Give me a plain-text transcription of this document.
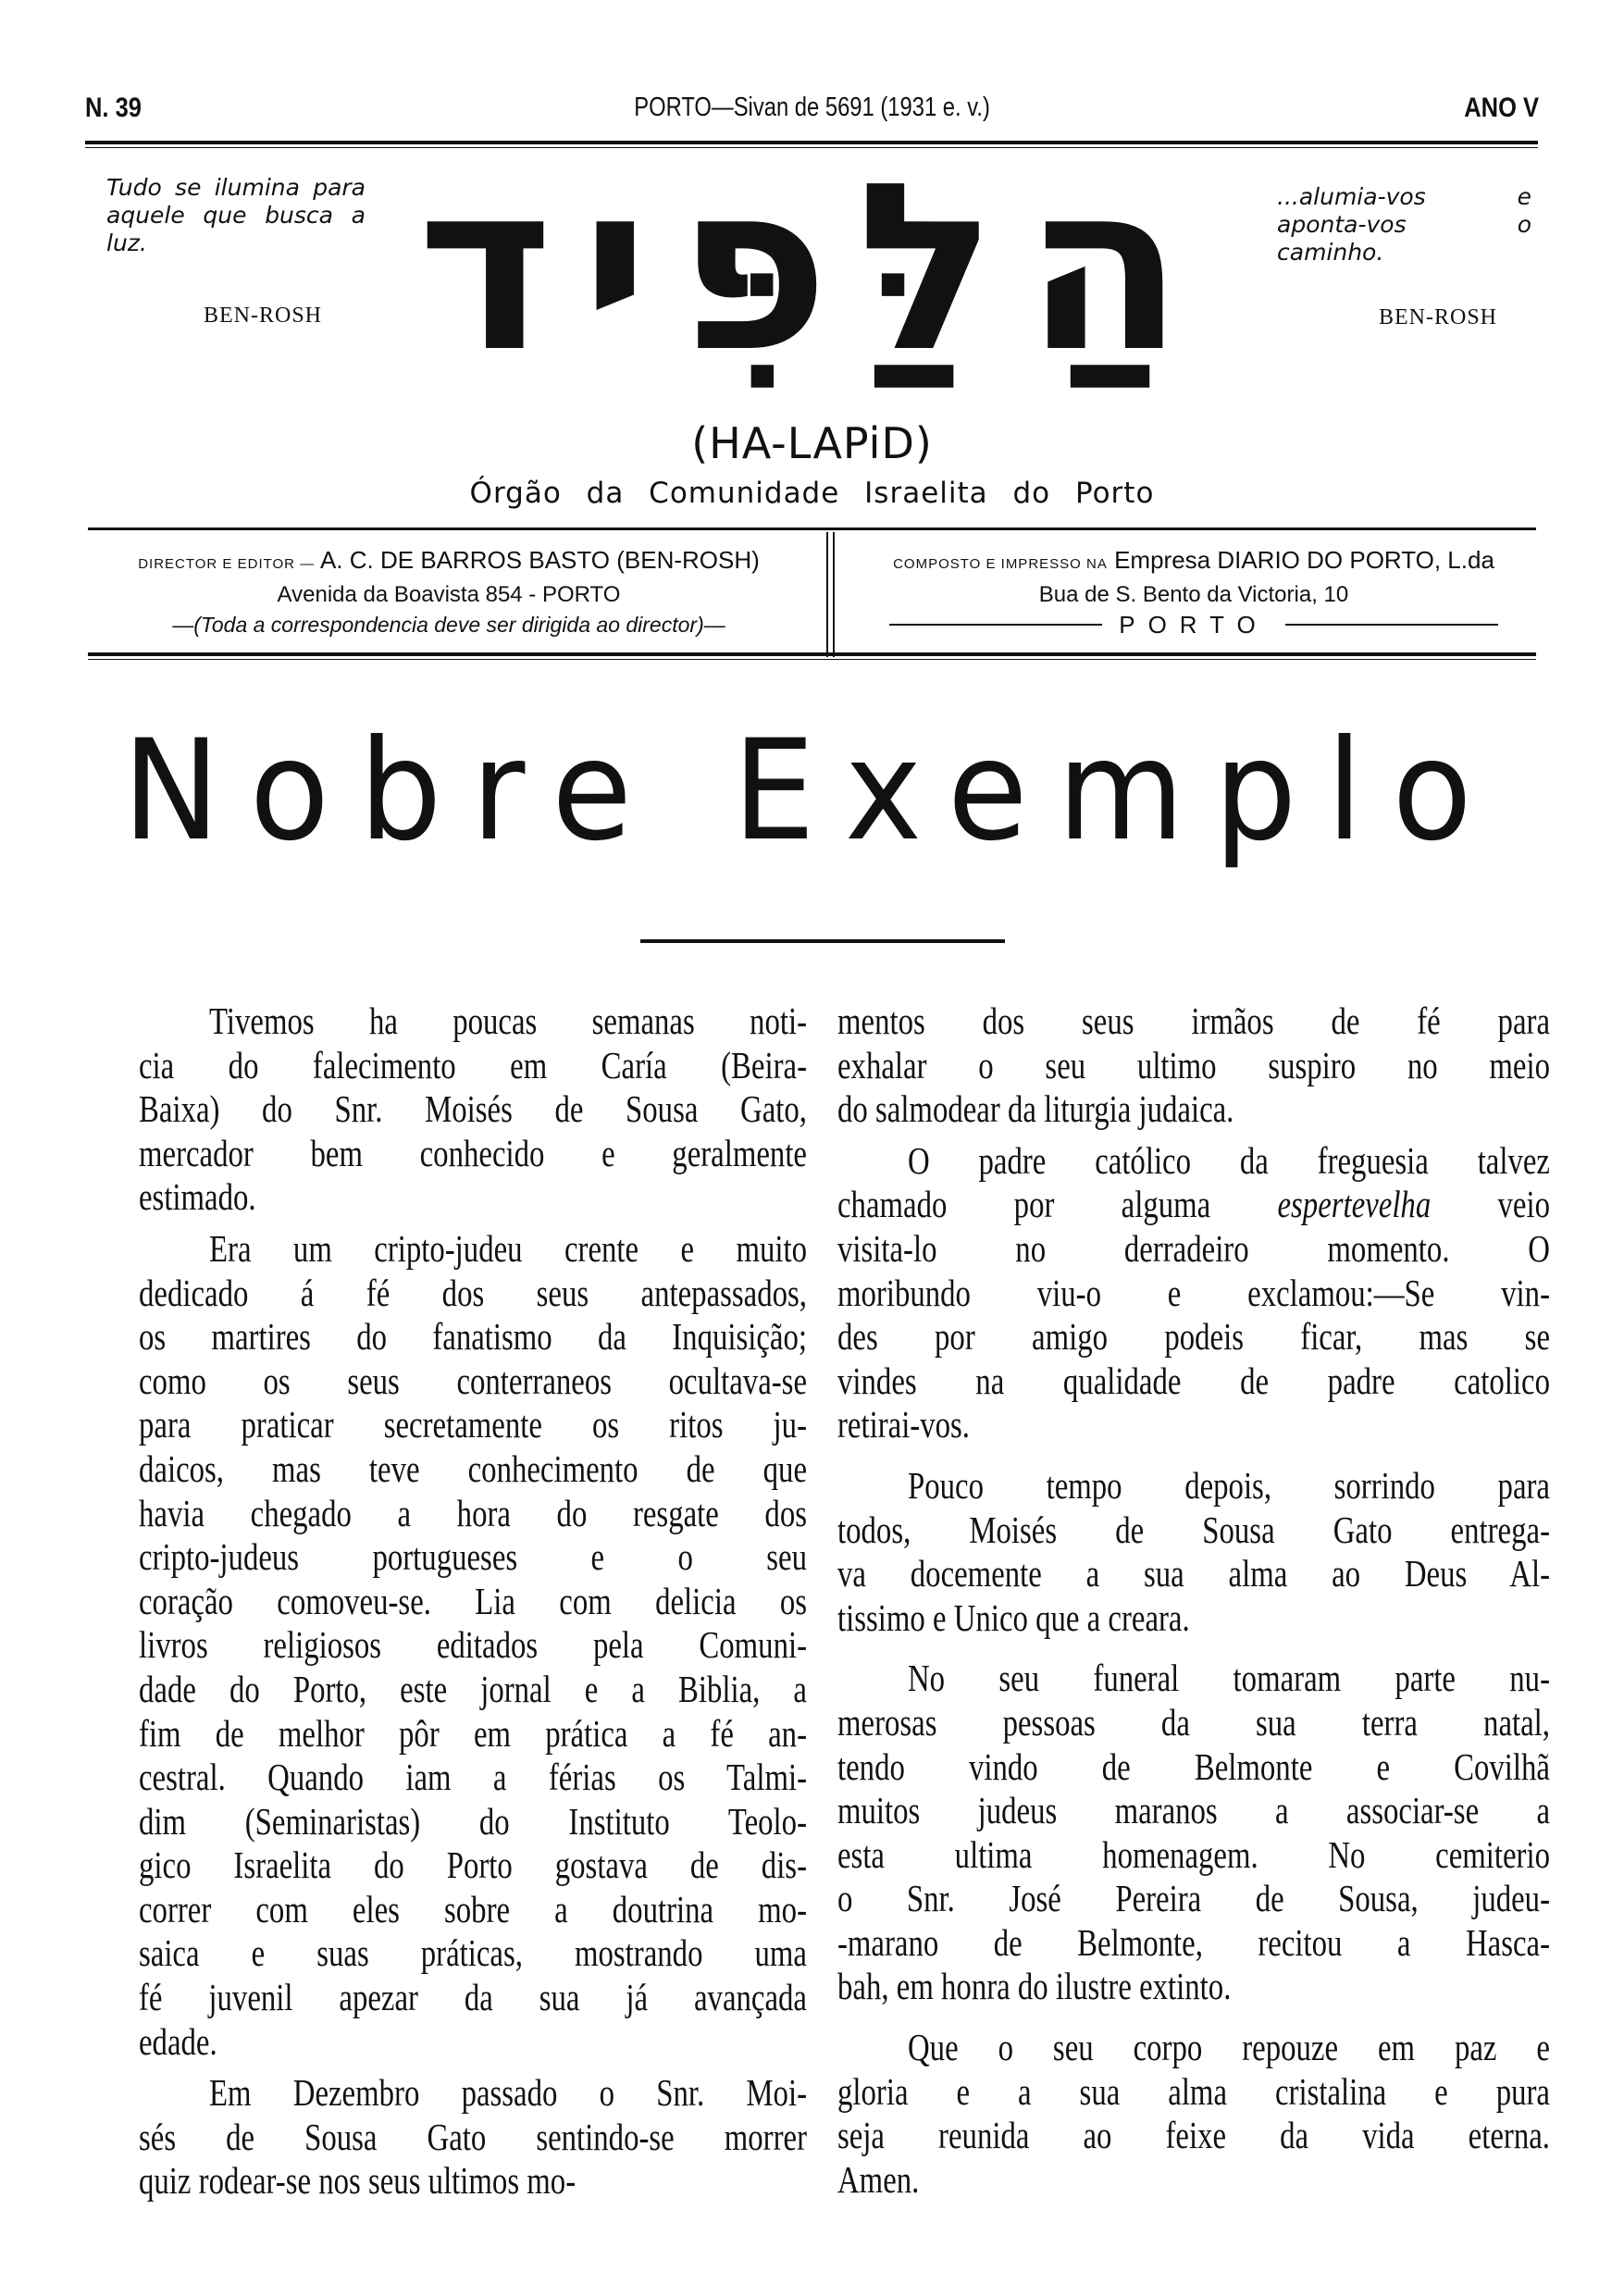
N. 39	PORTO—Sivan de 5691 (1931 e. v.)	ANO V
Tudo se ilumina para aquele que busca a luz.
BEN-ROSH
...alumia-vos e aponta-vos o caminho.
BEN-ROSH
הַלַּפִּיד
(HA-LAPiD)
Órgão da Comunidade Israelita do Porto
DIRECTOR E EDITOR — A. C. DE BARROS BASTO (BEN-ROSH)
Avenida da Boavista 854 - PORTO
—(Toda a correspondencia deve ser dirigida ao director)—
COMPOSTO E IMPRESSO NA Empresa DIARIO DO PORTO, L.da
Bua de S. Bento da Victoria, 10
PORTO
Nobre Exemplo
Tivemos ha poucas semanas noti-
cia do falecimento em Caría (Beira-
Baixa) do Snr. Moisés de Sousa Gato,
mercador bem conhecido e geralmente
estimado.
Era um cripto-judeu crente e muito
dedicado á fé dos seus antepassados,
os martires do fanatismo da Inquisição;
como os seus conterraneos ocultava-se
para praticar secretamente os ritos ju-
daicos, mas teve conhecimento de que
havia chegado a hora do resgate dos
cripto-judeus portugueses e o seu
coração comoveu-se. Lia com delicia os
livros religiosos editados pela Comuni-
dade do Porto, este jornal e a Biblia, a
fim de melhor pôr em prática a fé an-
cestral. Quando iam a férias os Talmi-
dim (Seminaristas) do Instituto Teolo-
gico Israelita do Porto gostava de dis-
correr com eles sobre a doutrina mo-
saica e suas práticas, mostrando uma
fé juvenil apezar da sua já avançada
edade.
Em Dezembro passado o Snr. Moi-
sés de Sousa Gato sentindo-se morrer
quiz rodear-se nos seus ultimos mo-
mentos dos seus irmãos de fé para
exhalar o seu ultimo suspiro no meio
do salmodear da liturgia judaica.
O padre católico da freguesia talvez
chamado por alguma espertevelha veio
visita-lo no derradeiro momento. O
moribundo viu-o e exclamou:—Se vin-
des por amigo podeis ficar, mas se
vindes na qualidade de padre catolico
retirai-vos.
Pouco tempo depois, sorrindo para
todos, Moisés de Sousa Gato entrega-
va docemente a sua alma ao Deus Al-
tissimo e Unico que a creara.
No seu funeral tomaram parte nu-
merosas pessoas da sua terra natal,
tendo vindo de Belmonte e Covilhã
muitos judeus maranos a associar-se a
esta ultima homenagem. No cemiterio
o Snr. José Pereira de Sousa, judeu-
-marano de Belmonte, recitou a Hasca-
bah, em honra do ilustre extinto.
Que o seu corpo repouze em paz e
gloria e a sua alma cristalina e pura
seja reunida ao feixe da vida eterna.
Amen.
